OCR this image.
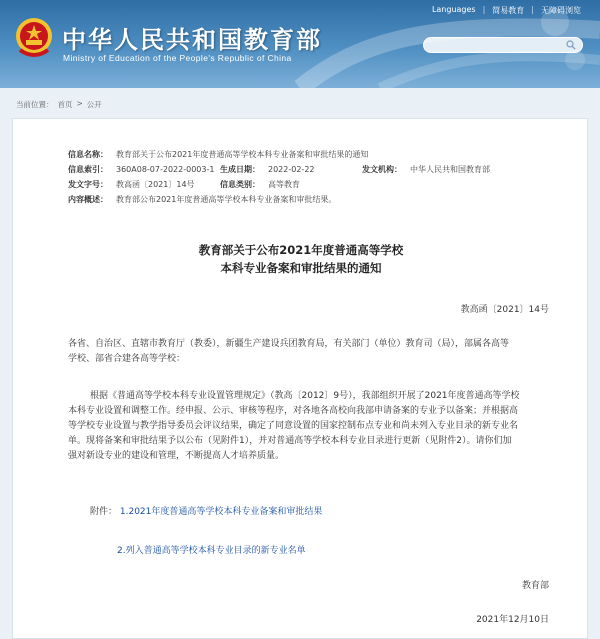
中华人民共和国教育部
Ministry of Education of the People's Republic of China
Languages | 简易教育 | 无障碍浏览
当前位置： 首页 > 公开
信息名称：	教育部关于公布2021年度普通高等学校本科专业备案和审批结果的通知
信息索引：	360A08-07-2022-0003-1 生成日期：	2022-02-22	发文机构：	中华人民共和国教育部
发文字号：	教高函〔2021〕14号	信息类别：	高等教育
内容概述：	教育部公布2021年度普通高等学校本科专业备案和审批结果。
教育部关于公布2021年度普通高等学校
本科专业备案和审批结果的通知
教高函〔2021〕14号
各省、自治区、直辖市教育厅（教委），新疆生产建设兵团教育局，有关部门（单位）教育司（局），部属各高等
学校、部省合建各高等学校：
根据《普通高等学校本科专业设置管理规定》（教高〔2012〕9号），我部组织开展了2021年度普通高等学校
本科专业设置和调整工作。经申报、公示、审核等程序，对各地各高校向我部申请备案的专业予以备案；并根据高
等学校专业设置与教学指导委员会评议结果，确定了同意设置的国家控制布点专业和尚未列入专业目录的新专业名
单。现将备案和审批结果予以公布（见附件1），并对普通高等学校本科专业目录进行更新（见附件2）。请你们加
强对新设专业的建设和管理，不断提高人才培养质量。
附件： 1.2021年度普通高等学校本科专业备案和审批结果
2.列入普通高等学校本科专业目录的新专业名单
教育部
2021年12月10日
